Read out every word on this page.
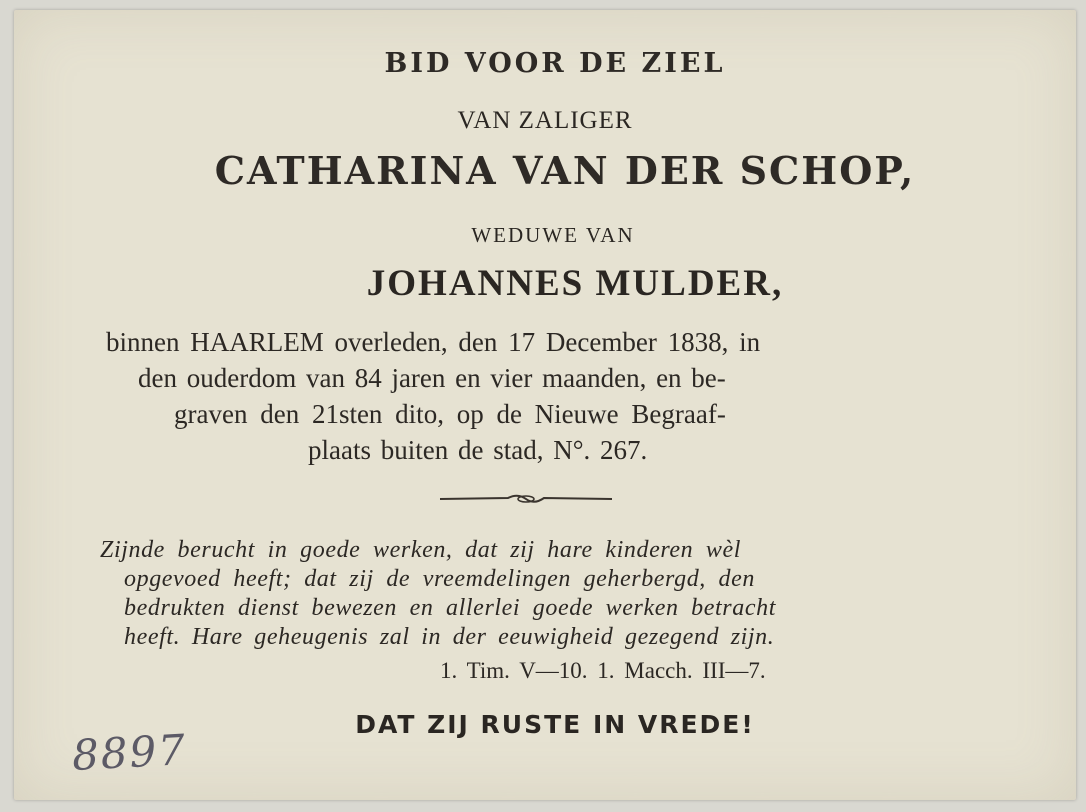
BID VOOR DE ZIEL
VAN ZALIGER
CATHARINA VAN DER SCHOP,
WEDUWE VAN
JOHANNES MULDER,
binnen HAARLEM overleden, den 17 December 1838, in
den ouderdom van 84 jaren en vier maanden, en be-
graven den 21sten dito, op de Nieuwe Begraaf-
plaats buiten de stad, N°. 267.
Zijnde berucht in goede werken, dat zij hare kinderen wèl
opgevoed heeft; dat zij de vreemdelingen geherbergd, den
bedrukten dienst bewezen en allerlei goede werken betracht
heeft. Hare geheugenis zal in der eeuwigheid gezegend zijn.
1. Tim. V—10. 1. Macch. III—7.
DAT ZIJ RUSTE IN VREDE!
8897
